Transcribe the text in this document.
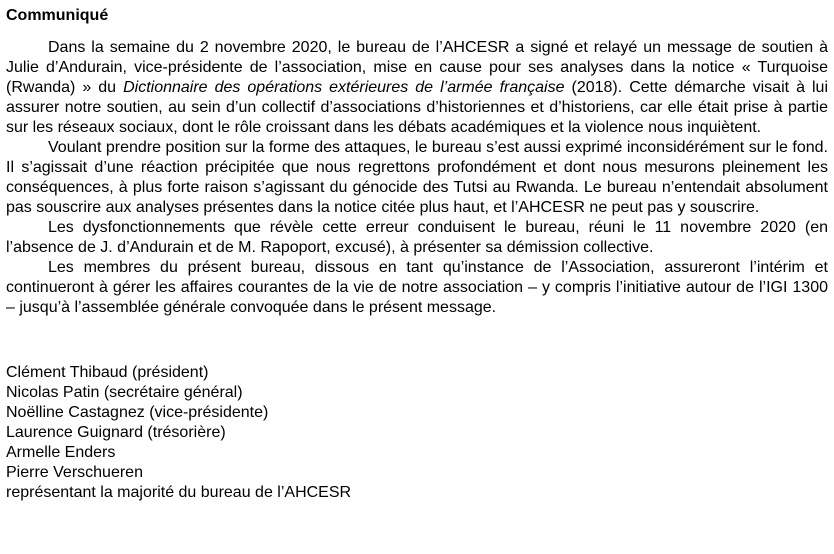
Communiqué

Dans la semaine du 2 novembre 2020, le bureau de l’AHCESR a signé et relayé un message de soutien à Julie d’Andurain, vice-présidente de l’association, mise en cause pour ses analyses dans la notice « Turquoise (Rwanda) » du Dictionnaire des opérations extérieures de l’armée française (2018). Cette démarche visait à lui assurer notre soutien, au sein d’un collectif d’associations d’historiennes et d’historiens, car elle était prise à partie sur les réseaux sociaux, dont le rôle croissant dans les débats académiques et la violence nous inquiètent.

Voulant prendre position sur la forme des attaques, le bureau s’est aussi exprimé inconsidérément sur le fond. Il s’agissait d’une réaction précipitée que nous regrettons profondément et dont nous mesurons pleinement les conséquences, à plus forte raison s’agissant du génocide des Tutsi au Rwanda. Le bureau n’entendait absolument pas souscrire aux analyses présentes dans la notice citée plus haut, et l’AHCESR ne peut pas y souscrire.

Les dysfonctionnements que révèle cette erreur conduisent le bureau, réuni le 11 novembre 2020 (en l’absence de J. d’Andurain et de M. Rapoport, excusé), à présenter sa démission collective.

Les membres du présent bureau, dissous en tant qu’instance de l’Association, assureront l’intérim et continueront à gérer les affaires courantes de la vie de notre association – y compris l’initiative autour de l’IGI 1300 – jusqu’à l’assemblée générale convoquée dans le présent message.

Clément Thibaud (président)

Nicolas Patin (secrétaire général)

Noëlline Castagnez (vice-présidente)

Laurence Guignard (trésorière)

Armelle Enders

Pierre Verschueren

représentant la majorité du bureau de l’AHCESR
